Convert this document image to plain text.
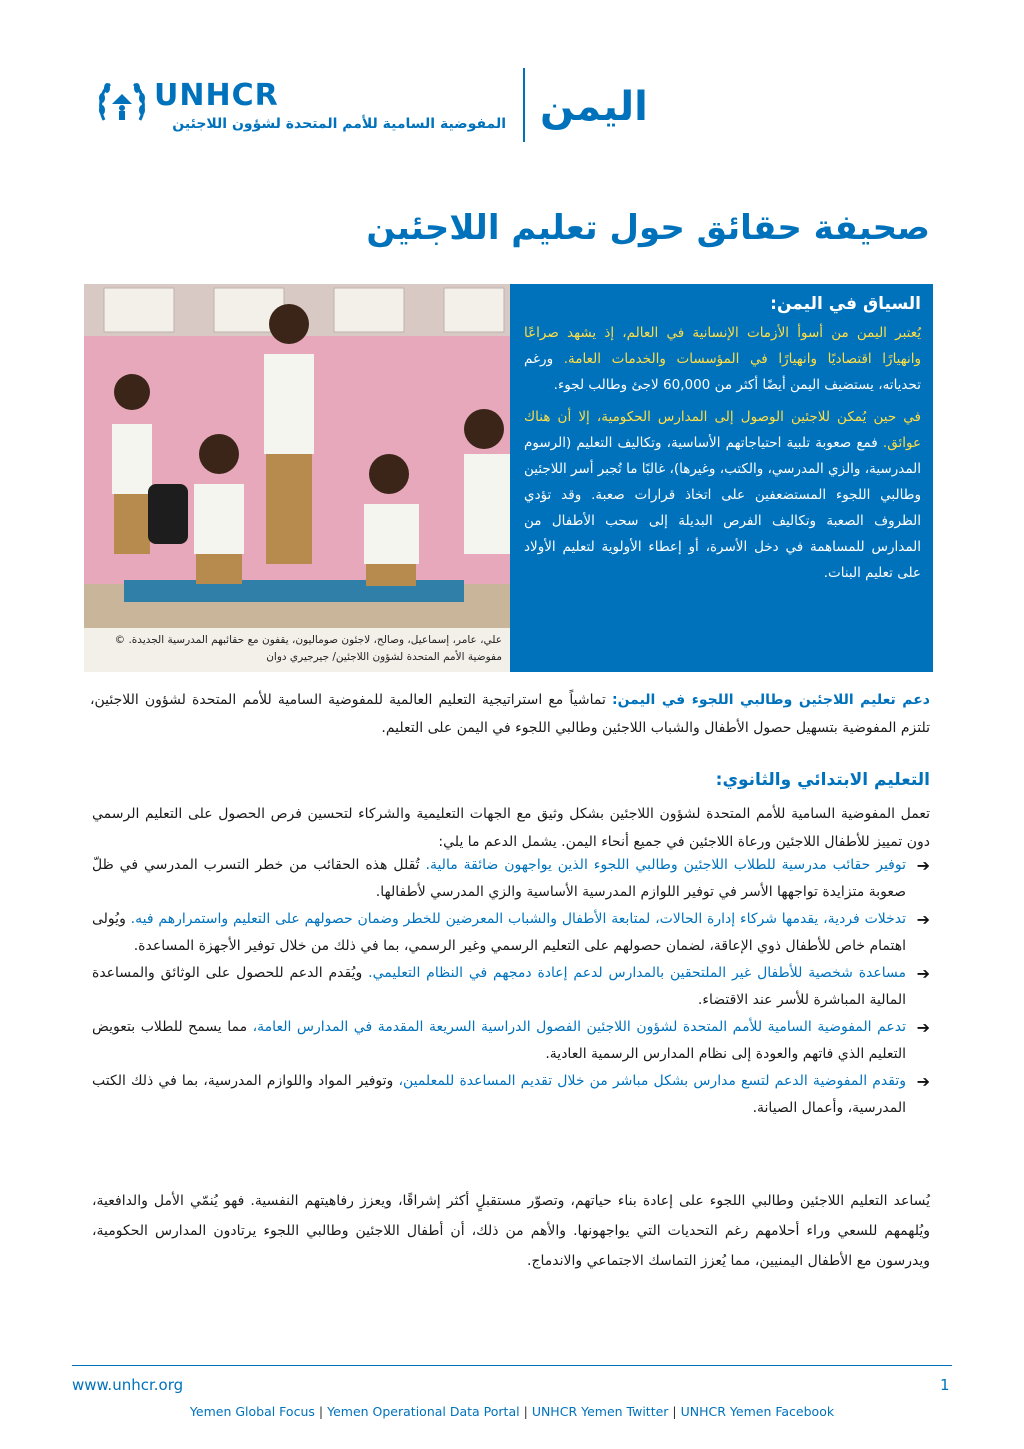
UNHCR
المفوضية السامية للأمم المتحدة لشؤون اللاجئين اليمن
صحيفة حقائق حول تعليم اللاجئين
علي، عامر، إسماعيل، وصالح، لاجئون صوماليون، يقفون مع حقائبهم المدرسية الجديدة. © مفوضية الأمم المتحدة لشؤون اللاجئين/ جيرجيري دوان
السياق في اليمن:

يُعتبر اليمن من أسوأ الأزمات الإنسانية في العالم، إذ يشهد صراعًا وانهيارًا اقتصاديًا وانهيارًا في المؤسسات والخدمات العامة. ورغم تحدياته، يستضيف اليمن أيضًا أكثر من 60,000 لاجئ وطالب لجوء.

في حين يُمكن للاجئين الوصول إلى المدارس الحكومية، إلا أن هناك عوائق. فمع صعوبة تلبية احتياجاتهم الأساسية، وتكاليف التعليم (الرسوم المدرسية، والزي المدرسي، والكتب، وغيرها)، غالبًا ما تُجبر أسر اللاجئين وطالبي اللجوء المستضعفين على اتخاذ قرارات صعبة. وقد تؤدي الظروف الصعبة وتكاليف الفرص البديلة إلى سحب الأطفال من المدارس للمساهمة في دخل الأسرة، أو إعطاء الأولوية لتعليم الأولاد على تعليم البنات.

دعم تعليم اللاجئين وطالبي اللجوء في اليمن: تماشياً مع استراتيجية التعليم العالمية للمفوضية السامية للأمم المتحدة لشؤون اللاجئين، تلتزم المفوضية بتسهيل حصول الأطفال والشباب اللاجئين وطالبي اللجوء في اليمن على التعليم.
التعليم الابتدائي والثانوي:
تعمل المفوضية السامية للأمم المتحدة لشؤون اللاجئين بشكل وثيق مع الجهات التعليمية والشركاء لتحسين فرص الحصول على التعليم الرسمي دون تمييز للأطفال اللاجئين ورعاة اللاجئين في جميع أنحاء اليمن. يشمل الدعم ما يلي:
➔
توفير حقائب مدرسية للطلاب اللاجئين وطالبي اللجوء الذين يواجهون ضائقة مالية. تُقلل هذه الحقائب من خطر التسرب المدرسي في ظلّ صعوبة متزايدة تواجهها الأسر في توفير اللوازم المدرسية الأساسية والزي المدرسي لأطفالها.
➔
تدخلات فردية، يقدمها شركاء إدارة الحالات، لمتابعة الأطفال والشباب المعرضين للخطر وضمان حصولهم على التعليم واستمرارهم فيه. ويُولى اهتمام خاص للأطفال ذوي الإعاقة، لضمان حصولهم على التعليم الرسمي وغير الرسمي، بما في ذلك من خلال توفير الأجهزة المساعدة.
➔
مساعدة شخصية للأطفال غير الملتحقين بالمدارس لدعم إعادة دمجهم في النظام التعليمي. ويُقدم الدعم للحصول على الوثائق والمساعدة المالية المباشرة للأسر عند الاقتضاء.
➔
تدعم المفوضية السامية للأمم المتحدة لشؤون اللاجئين الفصول الدراسية السريعة المقدمة في المدارس العامة، مما يسمح للطلاب بتعويض التعليم الذي فاتهم والعودة إلى نظام المدارس الرسمية العادية.
➔
وتقدم المفوضية الدعم لتسع مدارس بشكل مباشر من خلال تقديم المساعدة للمعلمين، وتوفير المواد واللوازم المدرسية، بما في ذلك الكتب المدرسية، وأعمال الصيانة.
يُساعد التعليم اللاجئين وطالبي اللجوء على إعادة بناء حياتهم، وتصوّر مستقبلٍ أكثر إشراقًا، ويعزز رفاهيتهم النفسية. فهو يُنمّي الأمل والدافعية، ويُلهمهم للسعي وراء أحلامهم رغم التحديات التي يواجهونها. والأهم من ذلك، أن أطفال اللاجئين وطالبي اللجوء يرتادون المدارس الحكومية، ويدرسون مع الأطفال اليمنيين، مما يُعزز التماسك الاجتماعي والاندماج.
www.unhcr.org	1
Yemen Global Focus | Yemen Operational Data Portal | UNHCR Yemen Twitter | UNHCR Yemen Facebook
